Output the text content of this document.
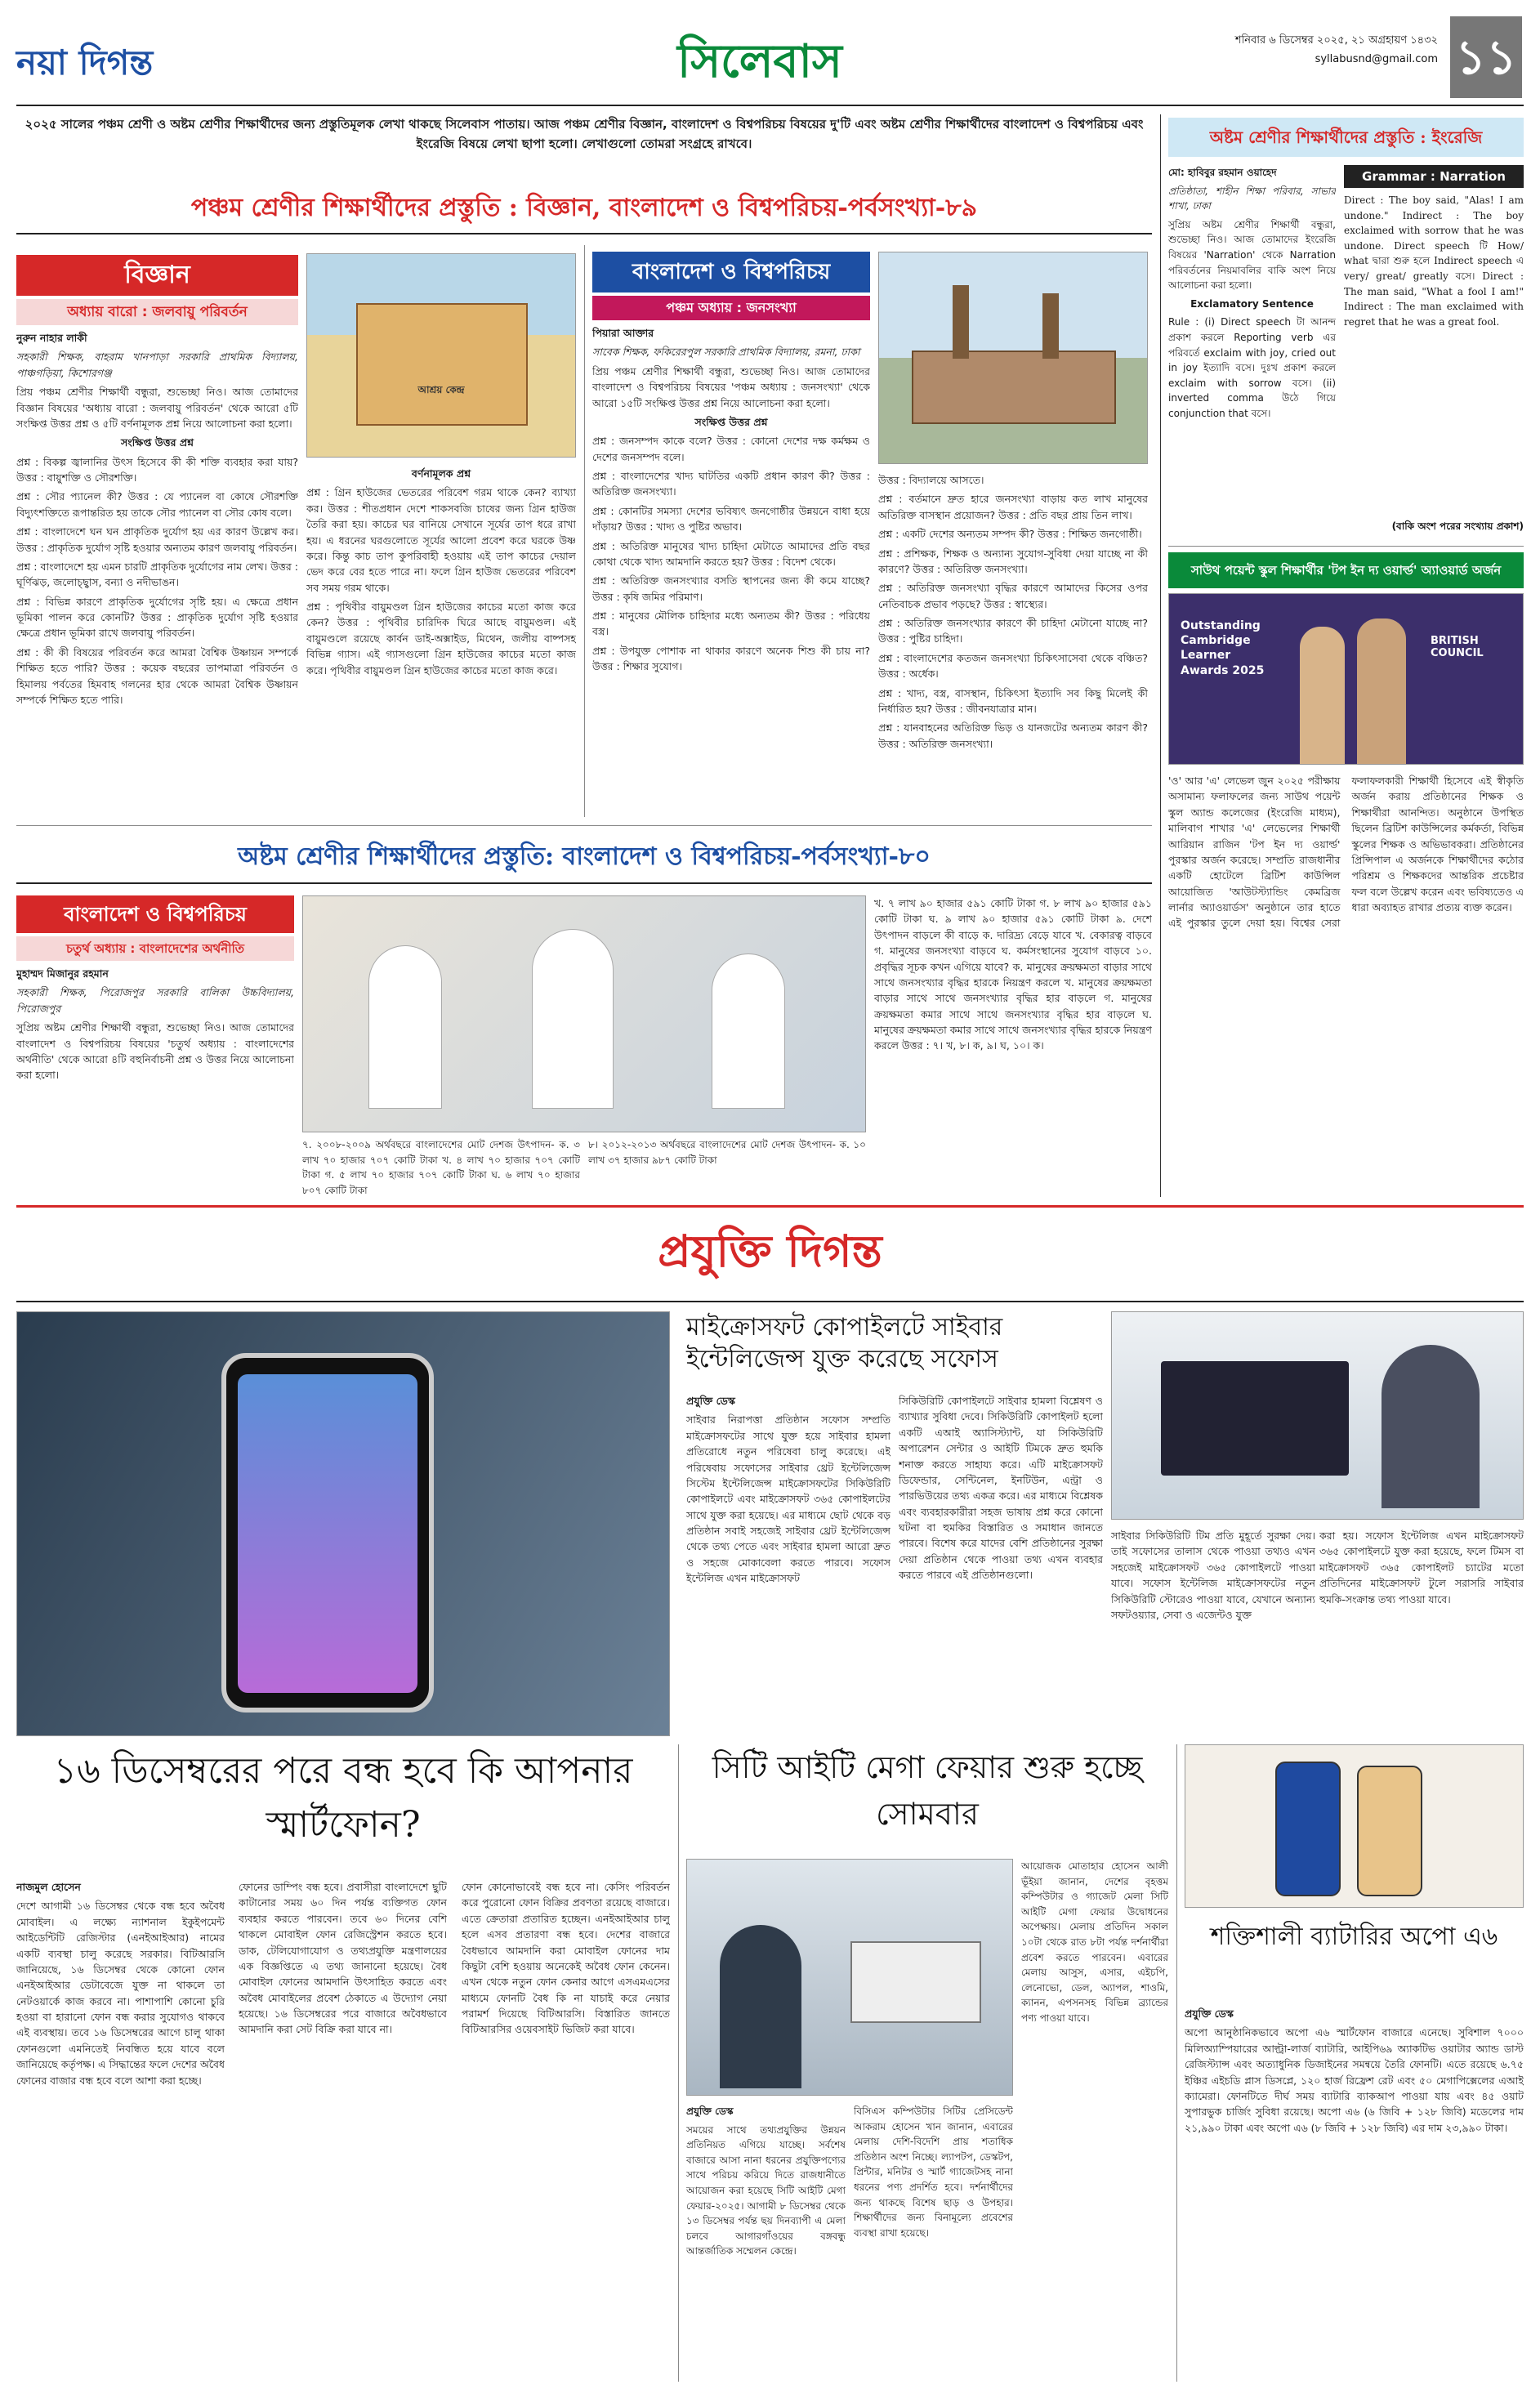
নয়া দিগন্ত	সিলেবাস	শনিবার ৬ ডিসেম্বর ২০২৫, ২১ অগ্রহায়ণ ১৪৩২
syllabusnd@gmail.com ১১
২০২৫ সালের পঞ্চম শ্রেণী ও অষ্টম শ্রেণীর শিক্ষার্থীদের জন্য প্রস্তুতিমূলক লেখা থাকছে সিলেবাস পাতায়। আজ পঞ্চম শ্রেণীর বিজ্ঞান, বাংলাদেশ ও বিশ্বপরিচয় বিষয়ের দু'টি এবং অষ্টম শ্রেণীর শিক্ষার্থীদের বাংলাদেশ ও বিশ্বপরিচয় এবং ইংরেজি বিষয়ে লেখা ছাপা হলো। লেখাগুলো তোমরা সংগ্রহে রাখবে।
পঞ্চম শ্রেণীর শিক্ষার্থীদের প্রস্তুতি : বিজ্ঞান, বাংলাদেশ ও বিশ্বপরিচয়-পর্বসংখ্যা-৮৯
বিজ্ঞান
অধ্যায় বারো : জলবায়ু পরিবর্তন

নুরুন নাহার লাকী

সহকারী শিক্ষক, বাহরাম খানপাড়া সরকারি প্রাথমিক বিদ্যালয়, পাঞ্চগড়িয়া, কিশোরগঞ্জ

প্রিয় পঞ্চম শ্রেণীর শিক্ষার্থী বন্ধুরা, শুভেচ্ছা নিও। আজ তোমাদের বিজ্ঞান বিষয়ের 'অধ্যায় বারো : জলবায়ু পরিবর্তন' থেকে আরো ৫টি সংক্ষিপ্ত উত্তর প্রশ্ন ও ৫টি বর্ণনামূলক প্রশ্ন নিয়ে আলোচনা করা হলো।

সংক্ষিপ্ত উত্তর প্রশ্ন

প্রশ্ন : বিকল্প জ্বালানির উৎস হিসেবে কী কী শক্তি ব্যবহার করা যায়? উত্তর : বায়ুশক্তি ও সৌরশক্তি।

প্রশ্ন : সৌর প্যানেল কী? উত্তর : যে প্যানেল বা কোষে সৌরশক্তি বিদ্যুৎশক্তিতে রূপান্তরিত হয় তাকে সৌর প্যানেল বা সৌর কোষ বলে।

প্রশ্ন : বাংলাদেশে ঘন ঘন প্রাকৃতিক দুর্যোগ হয় এর কারণ উল্লেখ কর। উত্তর : প্রাকৃতিক দুর্যোগ সৃষ্টি হওয়ার অন্যতম কারণ জলবায়ু পরিবর্তন।

প্রশ্ন : বাংলাদেশে হয় এমন চারটি প্রাকৃতিক দুর্যোগের নাম লেখ। উত্তর : ঘূর্ণিঝড়, জলোচ্ছ্বাস, বন্যা ও নদীভাঙন।

প্রশ্ন : বিভিন্ন কারণে প্রাকৃতিক দুর্যোগের সৃষ্টি হয়। এ ক্ষেত্রে প্রধান ভূমিকা পালন করে কোনটি? উত্তর : প্রাকৃতিক দুর্যোগ সৃষ্টি হওয়ার ক্ষেত্রে প্রধান ভূমিকা রাখে জলবায়ু পরিবর্তন।

প্রশ্ন : কী কী বিষয়ের পরিবর্তন করে আমরা বৈশ্বিক উষ্ণায়ন সম্পর্কে শিক্ষিত হতে পারি? উত্তর : কয়েক বছরের তাপমাত্রা পরিবর্তন ও হিমালয় পর্বতের হিমবাহ গলনের হার থেকে আমরা বৈশ্বিক উষ্ণায়ন সম্পর্কে শিক্ষিত হতে পারি।

আশ্রয় কেন্দ্র

বর্ণনামূলক প্রশ্ন

প্রশ্ন : গ্রিন হাউজের ভেতরের পরিবেশ গরম থাকে কেন? ব্যাখ্যা কর। উত্তর : শীতপ্রধান দেশে শাকসবজি চাষের জন্য গ্রিন হাউজ তৈরি করা হয়। কাচের ঘর বানিয়ে সেখানে সূর্যের তাপ ধরে রাখা হয়। এ ধরনের ঘরগুলোতে সূর্যের আলো প্রবেশ করে ঘরকে উষ্ণ করে। কিন্তু কাচ তাপ কুপরিবাহী হওয়ায় এই তাপ কাচের দেয়াল ভেদ করে বের হতে পারে না। ফলে গ্রিন হাউজ ভেতরের পরিবেশ সব সময় গরম থাকে।

প্রশ্ন : পৃথিবীর বায়ুমণ্ডল গ্রিন হাউজের কাচের মতো কাজ করে কেন? উত্তর : পৃথিবীর চারিদিক ঘিরে আছে বায়ুমণ্ডল। এই বায়ুমণ্ডলে রয়েছে কার্বন ডাই-অক্সাইড, মিথেন, জলীয় বাষ্পসহ বিভিন্ন গ্যাস। এই গ্যাসগুলো গ্রিন হাউজের কাচের মতো কাজ করে। পৃথিবীর বায়ুমণ্ডল গ্রিন হাউজের কাচের মতো কাজ করে।

বাংলাদেশ ও বিশ্বপরিচয়
পঞ্চম অধ্যায় : জনসংখ্যা

পিয়ারা আক্তার

সাবেক শিক্ষক, ফকিরেরপুল সরকারি প্রাথমিক বিদ্যালয়, রমনা, ঢাকা

প্রিয় পঞ্চম শ্রেণীর শিক্ষার্থী বন্ধুরা, শুভেচ্ছা নিও। আজ তোমাদের বাংলাদেশ ও বিশ্বপরিচয় বিষয়ের 'পঞ্চম অধ্যায় : জনসংখ্যা' থেকে আরো ১৫টি সংক্ষিপ্ত উত্তর প্রশ্ন নিয়ে আলোচনা করা হলো।

সংক্ষিপ্ত উত্তর প্রশ্ন

প্রশ্ন : জনসম্পদ কাকে বলে? উত্তর : কোনো দেশের দক্ষ কর্মক্ষম ও দেশের জনসম্পদ বলে।

প্রশ্ন : বাংলাদেশের খাদ্য ঘাটতির একটি প্রধান কারণ কী? উত্তর : অতিরিক্ত জনসংখ্যা।

প্রশ্ন : কোনটির সমস্যা দেশের ভবিষ্যৎ জনগোষ্ঠীর উন্নয়নে বাধা হয়ে দাঁড়ায়? উত্তর : খাদ্য ও পুষ্টির অভাব।

প্রশ্ন : অতিরিক্ত মানুষের খাদ্য চাহিদা মেটাতে আমাদের প্রতি বছর কোথা থেকে খাদ্য আমদানি করতে হয়? উত্তর : বিদেশ থেকে।

প্রশ্ন : অতিরিক্ত জনসংখ্যার বসতি স্থাপনের জন্য কী কমে যাচ্ছে? উত্তর : কৃষি জমির পরিমাণ।

প্রশ্ন : মানুষের মৌলিক চাহিদার মধ্যে অন্যতম কী? উত্তর : পরিধেয় বস্ত্র।

প্রশ্ন : উপযুক্ত পোশাক না থাকার কারণে অনেক শিশু কী চায় না? উত্তর : শিক্ষার সুযোগ।

উত্তর : বিদ্যালয়ে আসতে।

প্রশ্ন : বর্তমানে দ্রুত হারে জনসংখ্যা বাড়ায় কত লাখ মানুষের অতিরিক্ত বাসস্থান প্রয়োজন? উত্তর : প্রতি বছর প্রায় তিন লাখ।

প্রশ্ন : একটি দেশের অন্যতম সম্পদ কী? উত্তর : শিক্ষিত জনগোষ্ঠী।

প্রশ্ন : প্রশিক্ষক, শিক্ষক ও অন্যান্য সুযোগ-সুবিধা দেয়া যাচ্ছে না কী কারণে? উত্তর : অতিরিক্ত জনসংখ্যা।

প্রশ্ন : অতিরিক্ত জনসংখ্যা বৃদ্ধির কারণে আমাদের কিসের ওপর নেতিবাচক প্রভাব পড়ছে? উত্তর : স্বাস্থ্যের।

প্রশ্ন : অতিরিক্ত জনসংখ্যার কারণে কী চাহিদা মেটানো যাচ্ছে না? উত্তর : পুষ্টির চাহিদা।

প্রশ্ন : বাংলাদেশের কতজন জনসংখ্যা চিকিৎসাসেবা থেকে বঞ্চিত? উত্তর : অর্ধেক।

প্রশ্ন : খাদ্য, বস্ত্র, বাসস্থান, চিকিৎসা ইত্যাদি সব কিছু মিলেই কী নির্ধারিত হয়? উত্তর : জীবনযাত্রার মান।

প্রশ্ন : যানবাহনের অতিরিক্ত ভিড় ও যানজটের অন্যতম কারণ কী? উত্তর : অতিরিক্ত জনসংখ্যা।

অষ্টম শ্রেণীর শিক্ষার্থীদের প্রস্তুতি : ইংরেজি

মো: হাবিবুর রহমান ওয়াহেদ

প্রতিষ্ঠাতা, শাহীন শিক্ষা পরিবার, সাভার শাখা, ঢাকা

সুপ্রিয় অষ্টম শ্রেণীর শিক্ষার্থী বন্ধুরা, শুভেচ্ছা নিও। আজ তোমাদের ইংরেজি বিষয়ের 'Narration' থেকে Narration পরিবর্তনের নিয়মাবলির বাকি অংশ নিয়ে আলোচনা করা হলো।

Exclamatory Sentence

Rule : (i) Direct speech টা আনন্দ প্রকাশ করলে Reporting verb এর পরিবর্তে exclaim with joy, cried out in joy ইত্যাদি বসে। দুঃখ প্রকাশ করলে exclaim with sorrow বসে। (ii) inverted comma উঠে গিয়ে conjunction that বসে।

Grammar : Narration

Direct : The boy said, "Alas! I am undone." Indirect : The boy exclaimed with sorrow that he was undone. Direct speech টি How/ what দ্বারা শুরু হলে Indirect speech এ very/ great/ greatly বসে। Direct : The man said, "What a fool I am!" Indirect : The man exclaimed with regret that he was a great fool.

(বাকি অংশ পরের সংখ্যায় প্রকাশ)
সাউথ পয়েন্ট স্কুল শিক্ষার্থীর 'টপ ইন দ্য ওয়ার্ল্ড' অ্যাওয়ার্ড অর্জন
Outstanding Cambridge Learner Awards 2025
BRITISH COUNCIL
'ও' আর 'এ' লেভেল জুন ২০২৫ পরীক্ষায় অসামান্য ফলাফলের জন্য সাউথ পয়েন্ট স্কুল অ্যান্ড কলেজের (ইংরেজি মাধ্যম), মালিবাগ শাখার 'এ' লেভেলের শিক্ষার্থী আরিয়ান রাজিন 'টপ ইন দ্য ওয়ার্ল্ড' পুরস্কার অর্জন করেছে। সম্প্রতি রাজধানীর একটি হোটেলে ব্রিটিশ কাউন্সিল আয়োজিত 'আউটস্ট্যান্ডিং কেমব্রিজ লার্নার অ্যাওয়ার্ডস' অনুষ্ঠানে তার হাতে এই পুরস্কার তুলে দেয়া হয়। বিশ্বের সেরা ফলাফলকারী শিক্ষার্থী হিসেবে এই স্বীকৃতি অর্জন করায় প্রতিষ্ঠানের শিক্ষক ও শিক্ষার্থীরা আনন্দিত। অনুষ্ঠানে উপস্থিত ছিলেন ব্রিটিশ কাউন্সিলের কর্মকর্তা, বিভিন্ন স্কুলের শিক্ষক ও অভিভাবকরা। প্রতিষ্ঠানের প্রিন্সিপাল এ অর্জনকে শিক্ষার্থীদের কঠোর পরিশ্রম ও শিক্ষকদের আন্তরিক প্রচেষ্টার ফল বলে উল্লেখ করেন এবং ভবিষ্যতেও এ ধারা অব্যাহত রাখার প্রত্যয় ব্যক্ত করেন।
অষ্টম শ্রেণীর শিক্ষার্থীদের প্রস্তুতি: বাংলাদেশ ও বিশ্বপরিচয়-পর্বসংখ্যা-৮০
বাংলাদেশ ও বিশ্বপরিচয়
চতুর্থ অধ্যায় : বাংলাদেশের অর্থনীতি

মুহাম্মদ মিজানুর রহমান

সহকারী শিক্ষক, পিরোজপুর সরকারি বালিকা উচ্চবিদ্যালয়, পিরোজপুর

সুপ্রিয় অষ্টম শ্রেণীর শিক্ষার্থী বন্ধুরা, শুভেচ্ছা নিও। আজ তোমাদের বাংলাদেশ ও বিশ্বপরিচয় বিষয়ের 'চতুর্থ অধ্যায় : বাংলাদেশের অর্থনীতি' থেকে আরো ৪টি বহুনির্বাচনী প্রশ্ন ও উত্তর নিয়ে আলোচনা করা হলো।

৭. ২০০৮-২০০৯ অর্থবছরে বাংলাদেশের মোট দেশজ উৎপাদন- ক. ৩ লাখ ৭০ হাজার ৭০৭ কোটি টাকা খ. ৪ লাখ ৭০ হাজার ৭০৭ কোটি টাকা গ. ৫ লাখ ৭০ হাজার ৭০৭ কোটি টাকা ঘ. ৬ লাখ ৭০ হাজার ৮০৭ কোটি টাকা
৮। ২০১২-২০১৩ অর্থবছরে বাংলাদেশের মোট দেশজ উৎপাদন- ক. ১০ লাখ ৩৭ হাজার ৯৮৭ কোটি টাকা
খ. ৭ লাখ ৯০ হাজার ৫৯১ কোটি টাকা গ. ৮ লাখ ৯০ হাজার ৫৯১ কোটি টাকা ঘ. ৯ লাখ ৯০ হাজার ৫৯১ কোটি টাকা ৯. দেশে উৎপাদন বাড়লে কী বাড়ে ক. দারিদ্র্য বেড়ে যাবে খ. বেকারত্ব বাড়বে গ. মানুষের জনসংখ্যা বাড়বে ঘ. কর্মসংস্থানের সুযোগ বাড়বে ১০. প্রবৃদ্ধির সূচক কখন এগিয়ে যাবে? ক. মানুষের ক্রয়ক্ষমতা বাড়ার সাথে সাথে জনসংখ্যার বৃদ্ধির হারকে নিয়ন্ত্রণ করলে খ. মানুষের ক্রয়ক্ষমতা বাড়ার সাথে সাথে জনসংখ্যার বৃদ্ধির হার বাড়লে গ. মানুষের ক্রয়ক্ষমতা কমার সাথে সাথে জনসংখ্যার বৃদ্ধির হার বাড়লে ঘ. মানুষের ক্রয়ক্ষমতা কমার সাথে সাথে জনসংখ্যার বৃদ্ধির হারকে নিয়ন্ত্রণ করলে উত্তর : ৭। খ, ৮। ক, ৯। ঘ, ১০। ক।
প্রযুক্তি দিগন্ত
মাইক্রোসফট কোপাইলটে সাইবার ইন্টেলিজেন্স যুক্ত করেছে সফোস

প্রযুক্তি ডেস্ক

সাইবার নিরাপত্তা প্রতিষ্ঠান সফোস সম্প্রতি মাইক্রোসফটের সাথে যুক্ত হয়ে সাইবার হামলা প্রতিরোধে নতুন পরিষেবা চালু করেছে। এই পরিষেবায় সফোসের সাইবার থ্রেট ইন্টেলিজেন্স সিস্টেম ইন্টেলিজেন্স মাইক্রোসফটের সিকিউরিটি কোপাইলটে এবং মাইক্রোসফট ৩৬৫ কোপাইলটের সাথে যুক্ত করা হয়েছে। এর মাধ্যমে ছোট থেকে বড় প্রতিষ্ঠান সবাই সহজেই সাইবার থ্রেট ইন্টেলিজেন্স থেকে তথ্য পেতে এবং সাইবার হামলা আরো দ্রুত ও সহজে মোকাবেলা করতে পারবে। সফোস ইন্টেলিজ এখন মাইক্রোসফট

সিকিউরিটি কোপাইলটে সাইবার হামলা বিশ্লেষণ ও ব্যাখ্যার সুবিধা দেবে। সিকিউরিটি কোপাইলট হলো একটি এআই অ্যাসিস্ট্যান্ট, যা সিকিউরিটি অপারেশন সেন্টার ও আইটি টিমকে দ্রুত হুমকি শনাক্ত করতে সাহায্য করে। এটি মাইক্রোসফট ডিফেন্ডার, সেন্টিনেল, ইনটিউন, এন্ট্রা ও পারভিউয়ের তথ্য একত্র করে। এর মাধ্যমে বিশ্লেষক এবং ব্যবহারকারীরা সহজ ভাষায় প্রশ্ন করে কোনো ঘটনা বা হুমকির বিস্তারিত ও সমাধান জানতে পারবে। বিশেষ করে যাদের বেশি প্রতিষ্ঠানের সুরক্ষা দেয়া প্রতিষ্ঠান থেকে পাওয়া তথ্য এখন ব্যবহার করতে পারবে এই প্রতিষ্ঠানগুলো।
সাইবার সিকিউরিটি টিম প্রতি মুহূর্তে সুরক্ষা দেয়। তাই সফোসের তালাস থেকে পাওয়া তথ্যও এখন সহজেই মাইক্রোসফট ৩৬৫ কোপাইলটে পাওয়া যাবে। সফোস ইন্টেলিজ মাইক্রোসফটের নতুন সিকিউরিটি স্টোরেও পাওয়া যাবে, যেখানে অন্যান্য সফটওয়্যার, সেবা ও এজেন্টও যুক্ত
করা হয়। সফোস ইন্টেলিজ এখন মাইক্রোসফট ৩৬৫ কোপাইলটে যুক্ত করা হয়েছে, ফলে টিমস বা মাইক্রোসফট ৩৬৫ কোপাইলট চ্যাটের মতো প্রতিদিনের মাইক্রোসফট টুলে সরাসরি সাইবার হুমকি-সংক্রান্ত তথ্য পাওয়া যাবে।
১৬ ডিসেম্বরের পরে বন্ধ হবে কি আপনার স্মার্টফোন?

নাজমুল হোসেন

দেশে আগামী ১৬ ডিসেম্বর থেকে বন্ধ হবে অবৈধ মোবাইল। এ লক্ষ্যে ন্যাশনাল ইকুইপমেন্ট আইডেন্টিটি রেজিস্টার (এনইআইআর) নামের একটি ব্যবস্থা চালু করেছে সরকার। বিটিআরসি জানিয়েছে, ১৬ ডিসেম্বর থেকে কোনো ফোন এনইআইআর ডেটাবেজে যুক্ত না থাকলে তা নেটওয়ার্কে কাজ করবে না। পাশাপাশি কোনো চুরি হওয়া বা হারানো ফোন বন্ধ করার সুযোগও থাকবে এই ব্যবস্থায়। তবে ১৬ ডিসেম্বরের আগে চালু থাকা ফোনগুলো এমনিতেই নিবন্ধিত হয়ে যাবে বলে জানিয়েছে কর্তৃপক্ষ। এ সিদ্ধান্তের ফলে দেশের অবৈধ ফোনের বাজার বন্ধ হবে বলে আশা করা হচ্ছে।

ফোনের ডাম্পিং বন্ধ হবে। প্রবাসীরা বাংলাদেশে ছুটি কাটানোর সময় ৬০ দিন পর্যন্ত ব্যক্তিগত ফোন ব্যবহার করতে পারবেন। তবে ৬০ দিনের বেশি থাকলে মোবাইল ফোন রেজিস্ট্রেশন করতে হবে। ডাক, টেলিযোগাযোগ ও তথ্যপ্রযুক্তি মন্ত্রণালয়ের এক বিজ্ঞপ্তিতে এ তথ্য জানানো হয়েছে। বৈধ মোবাইল ফোনের আমদানি উৎসাহিত করতে এবং অবৈধ মোবাইলের প্রবেশ ঠেকাতে এ উদ্যোগ নেয়া হয়েছে। ১৬ ডিসেম্বরের পরে বাজারে অবৈধভাবে আমদানি করা সেট বিক্রি করা যাবে না।
ফোন কোনোভাবেই বন্ধ হবে না। কেসিং পরিবর্তন করে পুরোনো ফোন বিক্রির প্রবণতা রয়েছে বাজারে। এতে ক্রেতারা প্রতারিত হচ্ছেন। এনইআইআর চালু হলে এসব প্রতারণা বন্ধ হবে। দেশের বাজারে বৈধভাবে আমদানি করা মোবাইল ফোনের দাম কিছুটা বেশি হওয়ায় অনেকেই অবৈধ ফোন কেনেন। এখন থেকে নতুন ফোন কেনার আগে এসএমএসের মাধ্যমে ফোনটি বৈধ কি না যাচাই করে নেয়ার পরামর্শ দিয়েছে বিটিআরসি। বিস্তারিত জানতে বিটিআরসির ওয়েবসাইট ভিজিট করা যাবে।
সিটি আইটি মেগা ফেয়ার শুরু হচ্ছে সোমবার
আয়োজক মোতাহার হোসেন আলী ভূঁইয়া জানান, দেশের বৃহত্তম কম্পিউটার ও গ্যাজেট মেলা সিটি আইটি মেগা ফেয়ার উদ্বোধনের অপেক্ষায়। মেলায় প্রতিদিন সকাল ১০টা থেকে রাত ৮টা পর্যন্ত দর্শনার্থীরা প্রবেশ করতে পারবেন। এবারের মেলায় আসুস, এসার, এইচপি, লেনোভো, ডেল, অ্যাপল, শাওমি, ক্যানন, এপসনসহ বিভিন্ন ব্র্যান্ডের পণ্য পাওয়া যাবে।

প্রযুক্তি ডেস্ক

সময়ের সাথে তথ্যপ্রযুক্তির উন্নয়ন প্রতিনিয়ত এগিয়ে যাচ্ছে। সর্বশেষ বাজারে আসা নানা ধরনের প্রযুক্তিপণ্যের সাথে পরিচয় করিয়ে দিতে রাজধানীতে আয়োজন করা হয়েছে সিটি আইটি মেগা ফেয়ার-২০২৫। আগামী ৮ ডিসেম্বর থেকে ১৩ ডিসেম্বর পর্যন্ত ছয় দিনব্যাপী এ মেলা চলবে আগারগাঁওয়ের বঙ্গবন্ধু আন্তর্জাতিক সম্মেলন কেন্দ্রে।

বিসিএস কম্পিউটার সিটির প্রেসিডেন্ট আকরাম হোসেন খান জানান, এবারের মেলায় দেশি-বিদেশি প্রায় শতাধিক প্রতিষ্ঠান অংশ নিচ্ছে। ল্যাপটপ, ডেস্কটপ, প্রিন্টার, মনিটর ও স্মার্ট গ্যাজেটসহ নানা ধরনের পণ্য প্রদর্শিত হবে। দর্শনার্থীদের জন্য থাকছে বিশেষ ছাড় ও উপহার। শিক্ষার্থীদের জন্য বিনামূল্যে প্রবেশের ব্যবস্থা রাখা হয়েছে।
শক্তিশালী ব্যাটারির অপো এ৬

প্রযুক্তি ডেস্ক

অপো আনুষ্ঠানিকভাবে অপো এ৬ স্মার্টফোন বাজারে এনেছে। সুবিশাল ৭০০০ মিলিঅ্যাম্পিয়ারের আল্ট্রা-লার্জ ব্যাটারি, আইপি৬৯ অ্যাকটিভ ওয়াটার অ্যান্ড ডাস্ট রেজিস্ট্যান্স এবং অত্যাধুনিক ডিজাইনের সমন্বয়ে তৈরি ফোনটি। এতে রয়েছে ৬.৭৫ ইঞ্চির এইচডি প্লাস ডিসপ্লে, ১২০ হার্জ রিফ্রেশ রেট এবং ৫০ মেগাপিক্সেলের এআই ক্যামেরা। ফোনটিতে দীর্ঘ সময় ব্যাটারি ব্যাকআপ পাওয়া যায় এবং ৪৫ ওয়াট সুপারভুক চার্জিং সুবিধা রয়েছে। অপো এ৬ (৬ জিবি + ১২৮ জিবি) মডেলের দাম ২১,৯৯০ টাকা এবং অপো এ৬ (৮ জিবি + ১২৮ জিবি) এর দাম ২৩,৯৯০ টাকা।
